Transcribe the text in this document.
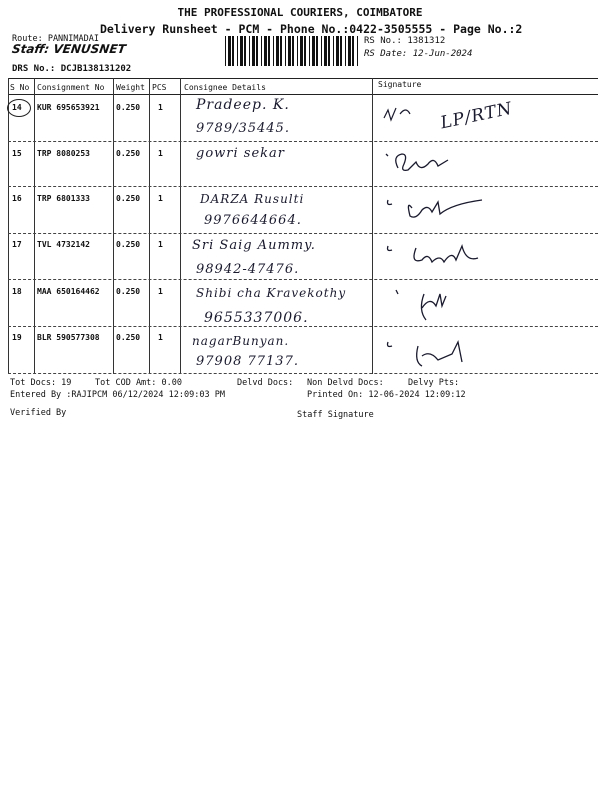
THE PROFESSIONAL COURIERS, COIMBATORE
Delivery Runsheet - PCM - Phone No.:0422-3505555 - Page No.:2
Route: PANNIMADAI
Staff: VENUSNET
DRS No.: DCJB138131202
RS No.: 1381312
RS Date: 12-Jun-2024
S No Consignment No Weight PCS Consignee Details	Signature
14 KUR 695653921 0.250 1 Pradeep. K.
9789/35445.	LP/RTN
15 TRP 8080253	0.250 1	gowri sekar
16 TRP 6801333	0.250 1	DARZA Rusulti
9976644664.
17 TVL 4732142	0.250 1 Sri Saig Aummy.
98942-47476.
18 MAA 650164462 0.250 1	Shibi cha Kravekothy
9655337006.
19 BLR 590577308 0.250 1 nagarBunyan.
97908 77137.
Tot Docs: 19	Tot COD Amt: 0.00	Delvd Docs: Non Delvd Docs:	Delvy Pts:
Entered By :RAJIPCM 06/12/2024 12:09:03 PM	Printed On: 12-06-2024 12:09:12
Verified By	Staff Signature
